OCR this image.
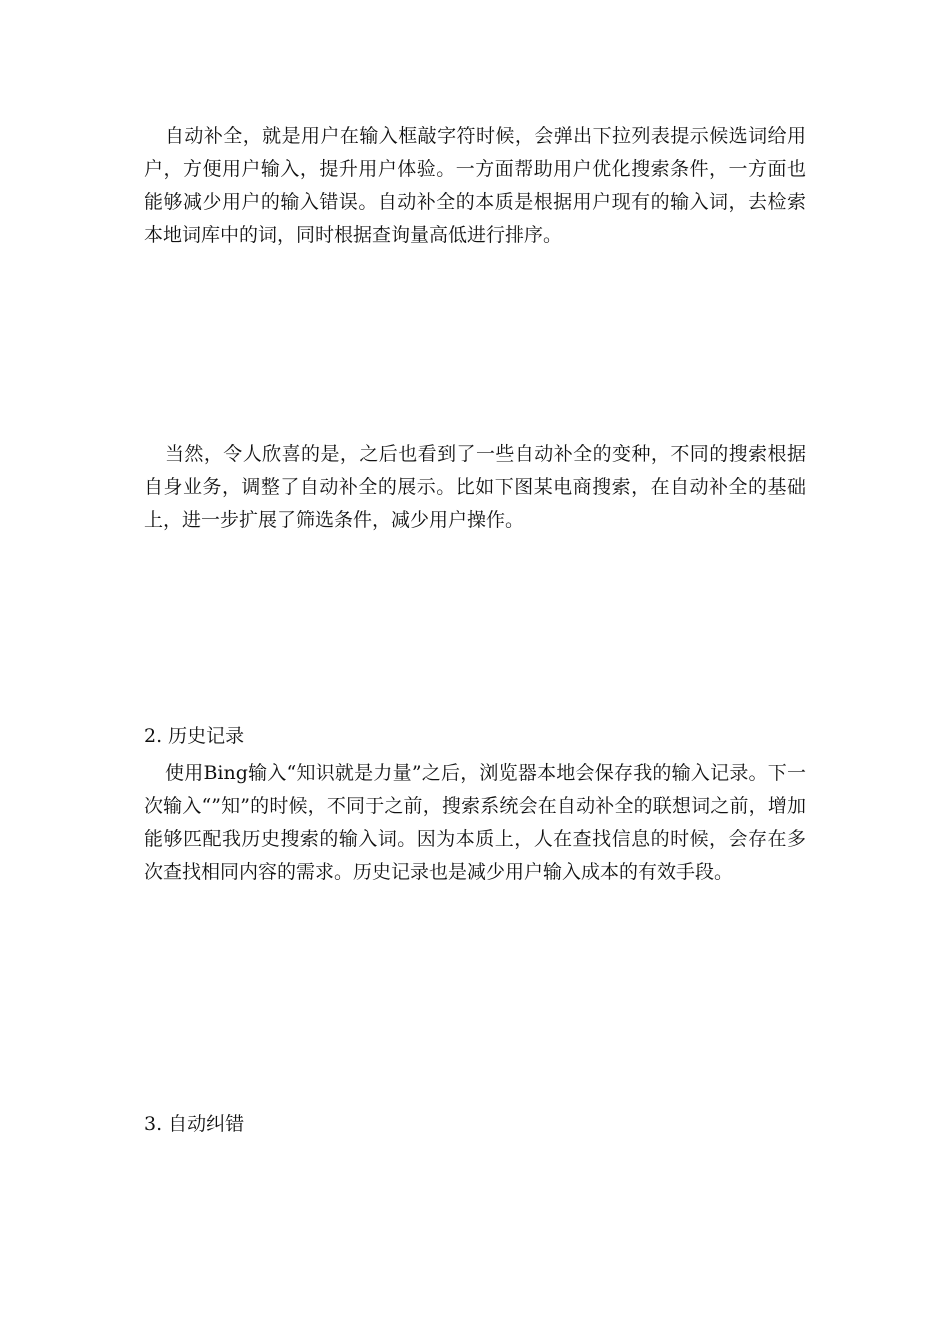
自动补全，就是用户在输入框敲字符时候，会弹出下拉列表提示候选词给用户，方便用户输入，提升用户体验。一方面帮助用户优化搜索条件，一方面也能够减少用户的输入错误。自动补全的本质是根据用户现有的输入词，去检索本地词库中的词，同时根据查询量高低进行排序。

当然，令人欣喜的是，之后也看到了一些自动补全的变种，不同的搜索根据自身业务，调整了自动补全的展示。比如下图某电商搜索，在自动补全的基础上，进一步扩展了筛选条件，减少用户操作。

2. 历史记录

使用Bing输入“知识就是力量”之后，浏览器本地会保存我的输入记录。下一次输入“”知”的时候，不同于之前，搜索系统会在自动补全的联想词之前，增加能够匹配我历史搜索的输入词。因为本质上，人在查找信息的时候，会存在多次查找相同内容的需求。历史记录也是减少用户输入成本的有效手段。

3. 自动纠错
